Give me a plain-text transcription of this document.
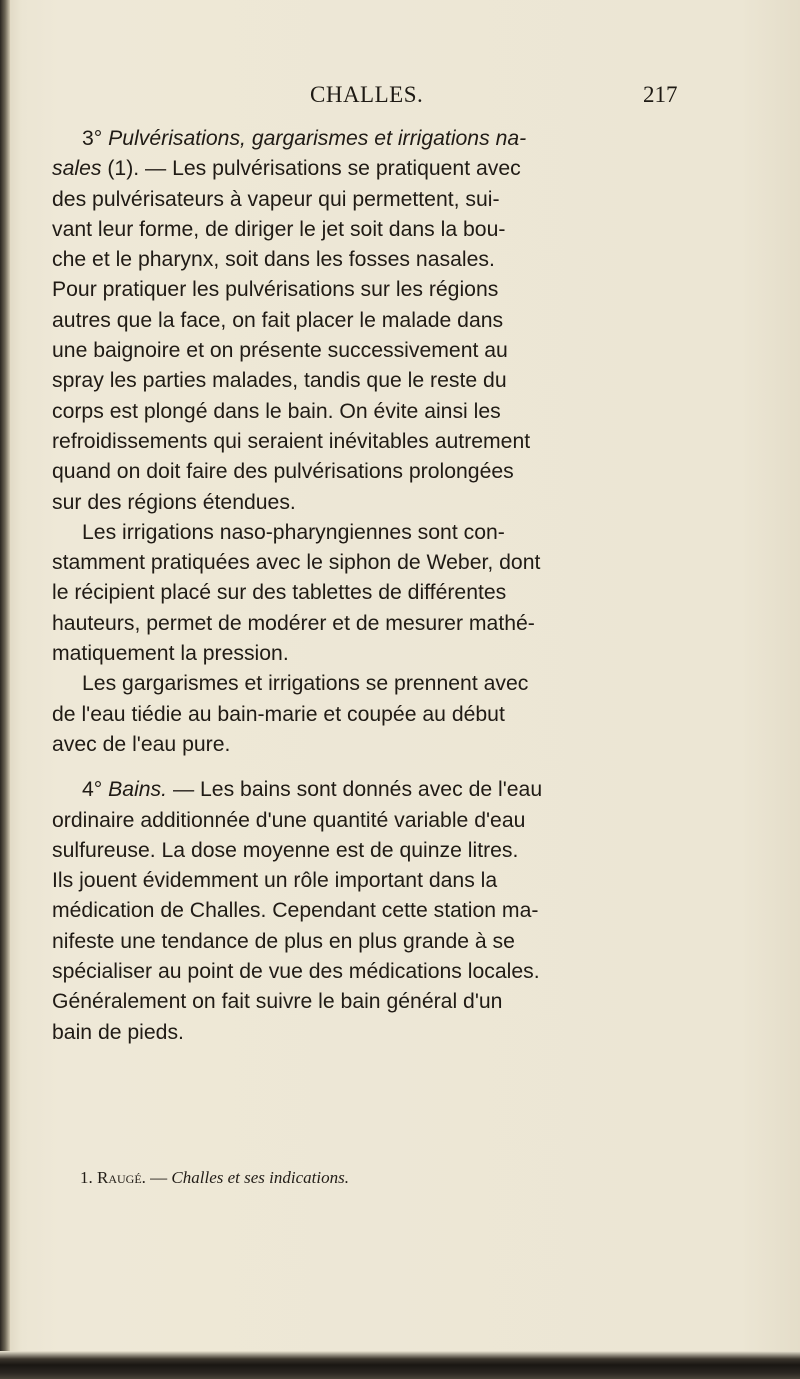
CHALLES.	217
3° Pulvérisations, gargarismes et irrigations na-
sales (1). — Les pulvérisations se pratiquent avec
des pulvérisateurs à vapeur qui permettent, sui-
vant leur forme, de diriger le jet soit dans la bou-
che et le pharynx, soit dans les fosses nasales.
Pour pratiquer les pulvérisations sur les régions
autres que la face, on fait placer le malade dans
une baignoire et on présente successivement au
spray les parties malades, tandis que le reste du
corps est plongé dans le bain. On évite ainsi les
refroidissements qui seraient inévitables autrement
quand on doit faire des pulvérisations prolongées
sur des régions étendues.
Les irrigations naso-pharyngiennes sont con-
stamment pratiquées avec le siphon de Weber, dont
le récipient placé sur des tablettes de différentes
hauteurs, permet de modérer et de mesurer mathé-
matiquement la pression.
Les gargarismes et irrigations se prennent avec
de l'eau tiédie au bain-marie et coupée au début
avec de l'eau pure.
4° Bains. — Les bains sont donnés avec de l'eau
ordinaire additionnée d'une quantité variable d'eau
sulfureuse. La dose moyenne est de quinze litres.
Ils jouent évidemment un rôle important dans la
médication de Challes. Cependant cette station ma-
nifeste une tendance de plus en plus grande à se
spécialiser au point de vue des médications locales.
Généralement on fait suivre le bain général d'un
bain de pieds.
1. Raugé. — Challes et ses indications.
